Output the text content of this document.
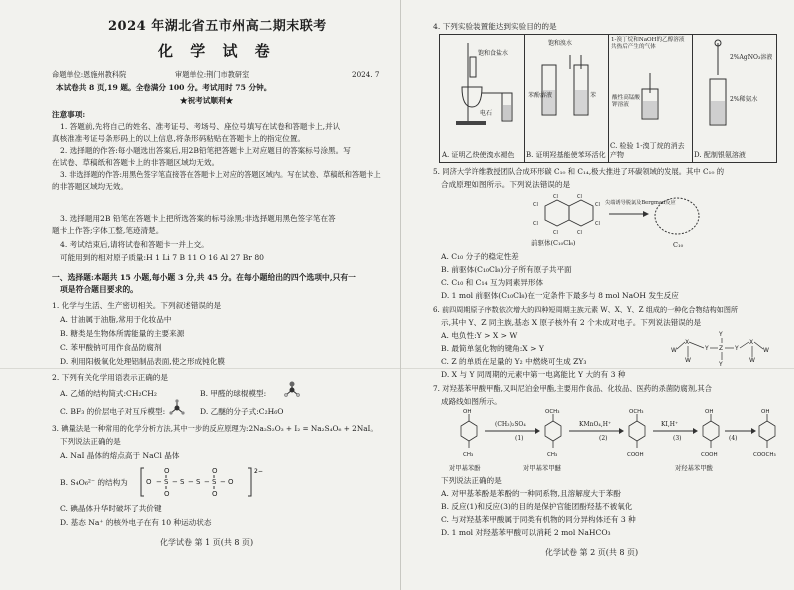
2024 年湖北省五市州高二期末联考
化 学 试 卷
命题单位:恩施州教科院	审题单位:荆门市教研室	2024. 7
本试卷共 8 页,19 题。全卷满分 100 分。考试用时 75 分钟。
★祝考试顺利★
注意事项:
1. 答题前,先将自己的姓名、准考证号、考场号、座位号填写在试卷和答题卡上,并认
真核准准考证号条形码上的以上信息,将条形码粘贴在答题卡上的指定位置。
2. 选择题的作答:每小题选出答案后,用2B铅笔把答题卡上对应题目的答案标号涂黑。写
在试卷、草稿纸和答题卡上的非答题区域均无效。
3. 非选择题的作答:用黑色签字笔直接答在答题卡上对应的答题区域内。写在试卷、草稿纸和答题卡上
的非答题区域均无效。
3. 选择题用2B 铅笔在答题卡上把所选答案的标号涂黑;非选择题用黑色签字笔在答
题卡上作答;字体工整,笔迹清楚。
4. 考试结束后,请将试卷和答题卡一并上交。
可能用到的相对原子质量:H 1 Li 7 B 11 O 16 Al 27 Br 80
一、选择题:本题共 15 小题,每小题 3 分,共 45 分。在每小题给出的四个选项中,只有一
项是符合题目要求的。
1. 化学与生活、生产密切相关。下列叙述错误的是
A. 甘油属于油脂,常用于化妆品中
B. 糖类是生物体所需能量的主要来源
C. 苯甲酸钠可用作食品防腐剂
D. 利用阳极氧化处理铝制品表面,使之形成钝化膜
2. 下列有关化学用语表示正确的是
A. 乙烯的结构简式:CH₂CH₂	B. 甲醛的球棍模型:
C. BF₃ 的价层电子对互斥模型:	D. 乙醚的分子式:C₂H₆O
3. 碘量法是一种常用的化学分析方法,其中一步的反应原理为:2Na₂S₂O₃ + I₂ = Na₂S₄O₆ + 2NaI。
下列说法正确的是
A. NaI 晶体的熔点高于 NaCl 晶体
B. S₄O₆²⁻ 的结构为
2−
O − S − S − S − S − O
O
O
O
O
C. 碘晶体升华时破坏了共价键
D. 基态 Na⁺ 的核外电子在有 10 种运动状态
化学试卷 第 1 页(共 8 页)
4. 下列实验装置能达到实验目的的是
饱和食盐水
电石
A. 证明乙炔使溴水褪色
饱和溴水
苯酚溶液	苯
B. 证明羟基能使苯环活化
1-溴丁烷和NaOH的乙醇溶液共热后产生的气体
酸性高锰酸钾溶液
C. 检验 1-溴丁烷的消去产物
2%AgNO₃溶液
2%稀氨水
D. 配制银氨溶液
5. 同济大学许维教授团队合成环形碳 C₁₀ 和 C₁₄,极大推进了环碳领域的发展。其中 C₁₀ 的
合成原理如图所示。下列说法错误的是
Cl
Cl
Cl
Cl
Cl
Cl
Cl
Cl
尖端诱导脱氯及Bergman反应
前驱体(C₁₀Cl₈)	C₁₀
A. C₁₀ 分子的稳定性差
B. 前驱体(C₁₀Cl₈)分子所有原子共平面
C. C₁₀ 和 C₁₄ 互为同素异形体
D. 1 mol 前驱体(C₁₀Cl₈)在一定条件下最多与 8 mol NaOH 发生反应
6. 前四周期原子序数依次增大的四种短周期主族元素 W、X、Y、Z 组成的一种化合物结构如图所
示,其中 Y、Z 同主族,基态 X 原子核外有 2 个未成对电子。下列说法错误的是
A. 电负性:Y > X > W
B. 最简单氢化物的键角:X > Y
C. Z 的单质在足量的 Y₂ 中燃烧可生成 ZY₃
D. X 与 Y 同周期的元素中第一电离能比 Y 大的有 3 种
W
X
W
Y Z
Y
Y
Y
X
W
W
7. 对羟基苯甲酸甲酯,又叫尼泊金甲酯,主要用作食品、化妆品、医药的杀菌防腐剂,其合
成路线如图所示。
OH
CH₃
OCH₃
CH₃
OCH₃
COOH
OH
COOH
OH
COOCH₃
(CH₃)₂SO₄	KMnO₄,H⁺	KI,H⁺
(1)	(2)	(3)	(4)
对甲基苯酚	对甲基苯甲醚	对羟基苯甲酸
下列说法正确的是
A. 对甲基苯酚是苯酚的一种同系物,且溶解度大于苯酚
B. 反应(1)和反应(3)的目的是保护官能团酚羟基不被氧化
C. 与对羟基苯甲酸属于同类有机物的同分异构体还有 3 种
D. 1 mol 对羟基苯甲酸可以消耗 2 mol NaHCO₃
化学试卷 第 2 页(共 8 页)
